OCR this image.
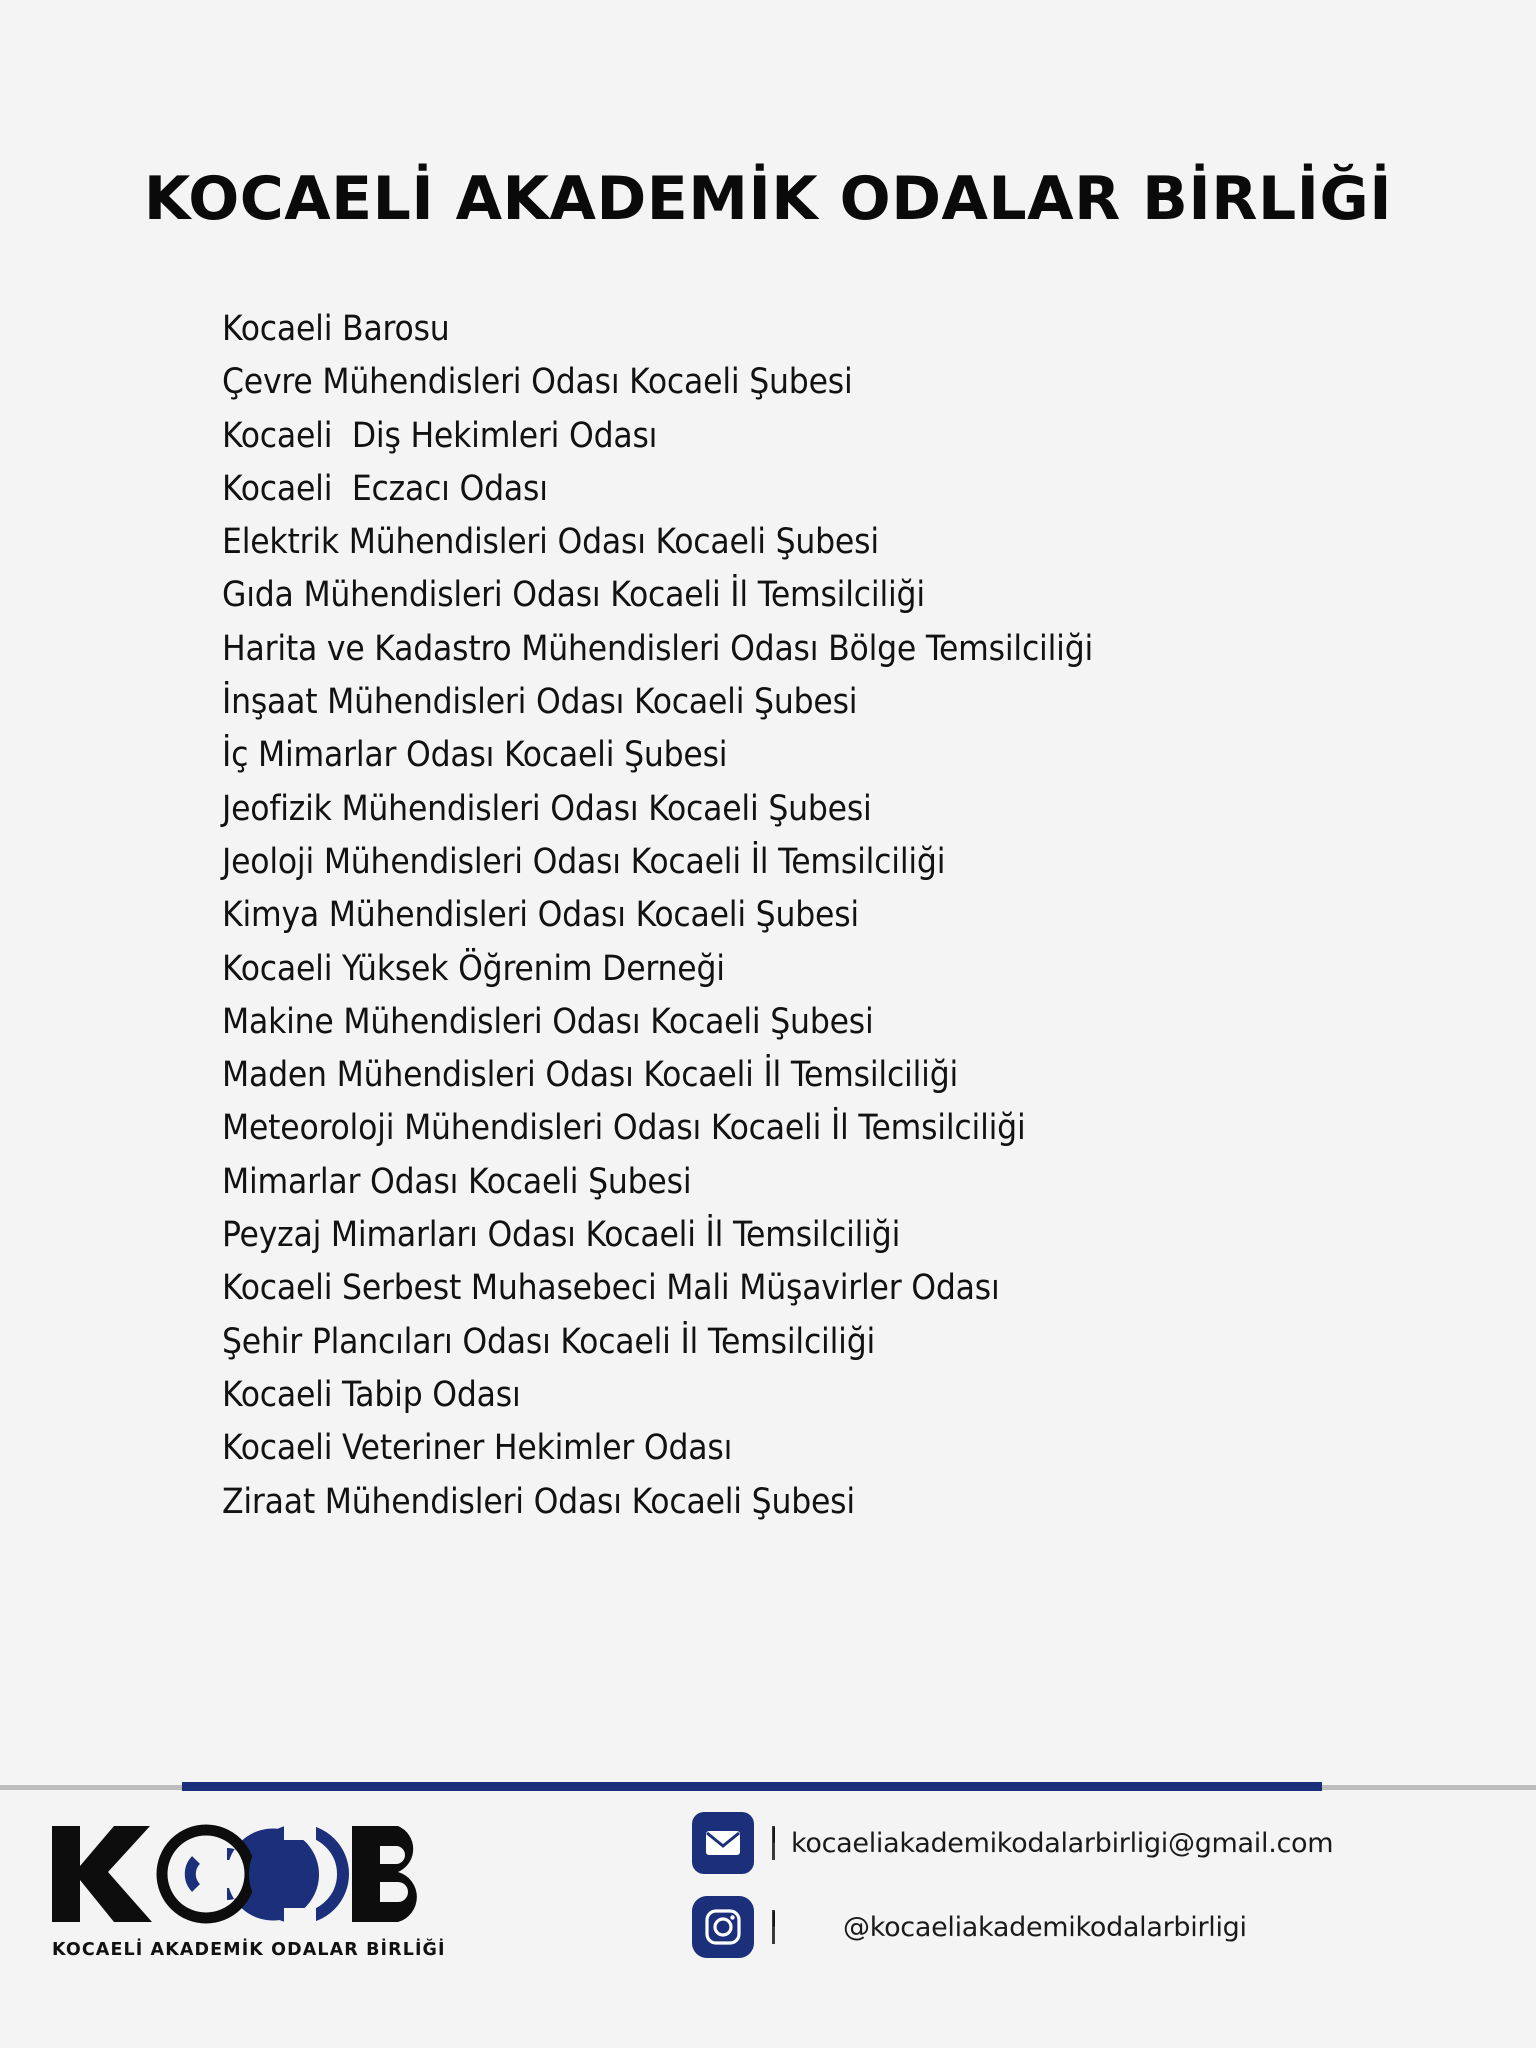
KOCAELİ AKADEMİK ODALAR BİRLİĞİ
Kocaeli Barosu
Çevre Mühendisleri Odası Kocaeli Şubesi
Kocaeli  Diş Hekimleri Odası
Kocaeli  Eczacı Odası
Elektrik Mühendisleri Odası Kocaeli Şubesi
Gıda Mühendisleri Odası Kocaeli İl Temsilciliği
Harita ve Kadastro Mühendisleri Odası Bölge Temsilciliği
İnşaat Mühendisleri Odası Kocaeli Şubesi
İç Mimarlar Odası Kocaeli Şubesi
Jeofizik Mühendisleri Odası Kocaeli Şubesi
Jeoloji Mühendisleri Odası Kocaeli İl Temsilciliği
Kimya Mühendisleri Odası Kocaeli Şubesi
Kocaeli Yüksek Öğrenim Derneği
Makine Mühendisleri Odası Kocaeli Şubesi
Maden Mühendisleri Odası Kocaeli İl Temsilciliği
Meteoroloji Mühendisleri Odası Kocaeli İl Temsilciliği
Mimarlar Odası Kocaeli Şubesi
Peyzaj Mimarları Odası Kocaeli İl Temsilciliği
Kocaeli Serbest Muhasebeci Mali Müşavirler Odası
Şehir Plancıları Odası Kocaeli İl Temsilciliği
Kocaeli Tabip Odası
Kocaeli Veteriner Hekimler Odası
Ziraat Mühendisleri Odası Kocaeli Şubesi
KOCAELİ AKADEMİK ODALAR BİRLİĞİ
| kocaeliakademikodalarbirligi@gmail.com
| @kocaeliakademikodalarbirligi
